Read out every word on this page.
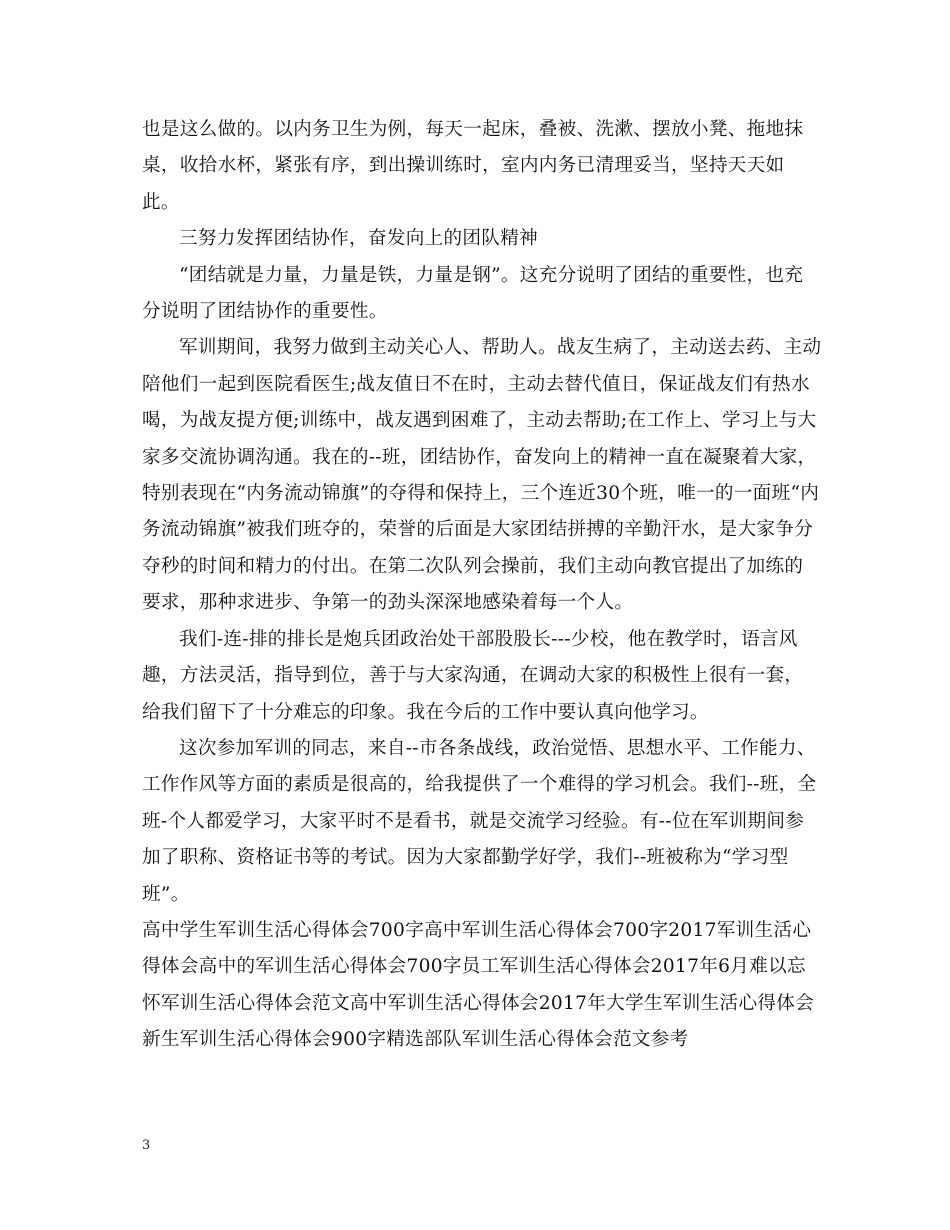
也是这么做的。以内务卫生为例，每天一起床，叠被、洗漱、摆放小凳、拖地抹桌，收拾水杯，紧张有序，到出操训练时，室内内务已清理妥当，坚持天天如此。

三努力发挥团结协作，奋发向上的团队精神

“团结就是力量，力量是铁，力量是钢”。这充分说明了团结的重要性，也充分说明了团结协作的重要性。

军训期间，我努力做到主动关心人、帮助人。战友生病了，主动送去药、主动陪他们一起到医院看医生;战友值日不在时，主动去替代值日，保证战友们有热水喝，为战友提方便;训练中，战友遇到困难了，主动去帮助;在工作上、学习上与大家多交流协调沟通。我在的--班，团结协作，奋发向上的精神一直在凝聚着大家，特别表现在“内务流动锦旗”的夺得和保持上，三个连近30个班，唯一的一面班“内务流动锦旗”被我们班夺的，荣誉的后面是大家团结拼搏的辛勤汗水，是大家争分夺秒的时间和精力的付出。在第二次队列会操前，我们主动向教官提出了加练的要求，那种求进步、争第一的劲头深深地感染着每一个人。

我们-连-排的排长是炮兵团政治处干部股股长---少校，他在教学时，语言风趣，方法灵活，指导到位，善于与大家沟通，在调动大家的积极性上很有一套，给我们留下了十分难忘的印象。我在今后的工作中要认真向他学习。

这次参加军训的同志，来自--市各条战线，政治觉悟、思想水平、工作能力、工作作风等方面的素质是很高的，给我提供了一个难得的学习机会。我们--班，全班-个人都爱学习，大家平时不是看书，就是交流学习经验。有--位在军训期间参加了职称、资格证书等的考试。因为大家都勤学好学，我们--班被称为“学习型班”。

高中学生军训生活心得体会700字高中军训生活心得体会700字2017军训生活心得体会高中的军训生活心得体会700字员工军训生活心得体会2017年6月难以忘怀军训生活心得体会范文高中军训生活心得体会2017年大学生军训生活心得体会新生军训生活心得体会900字精选部队军训生活心得体会范文参考

3
